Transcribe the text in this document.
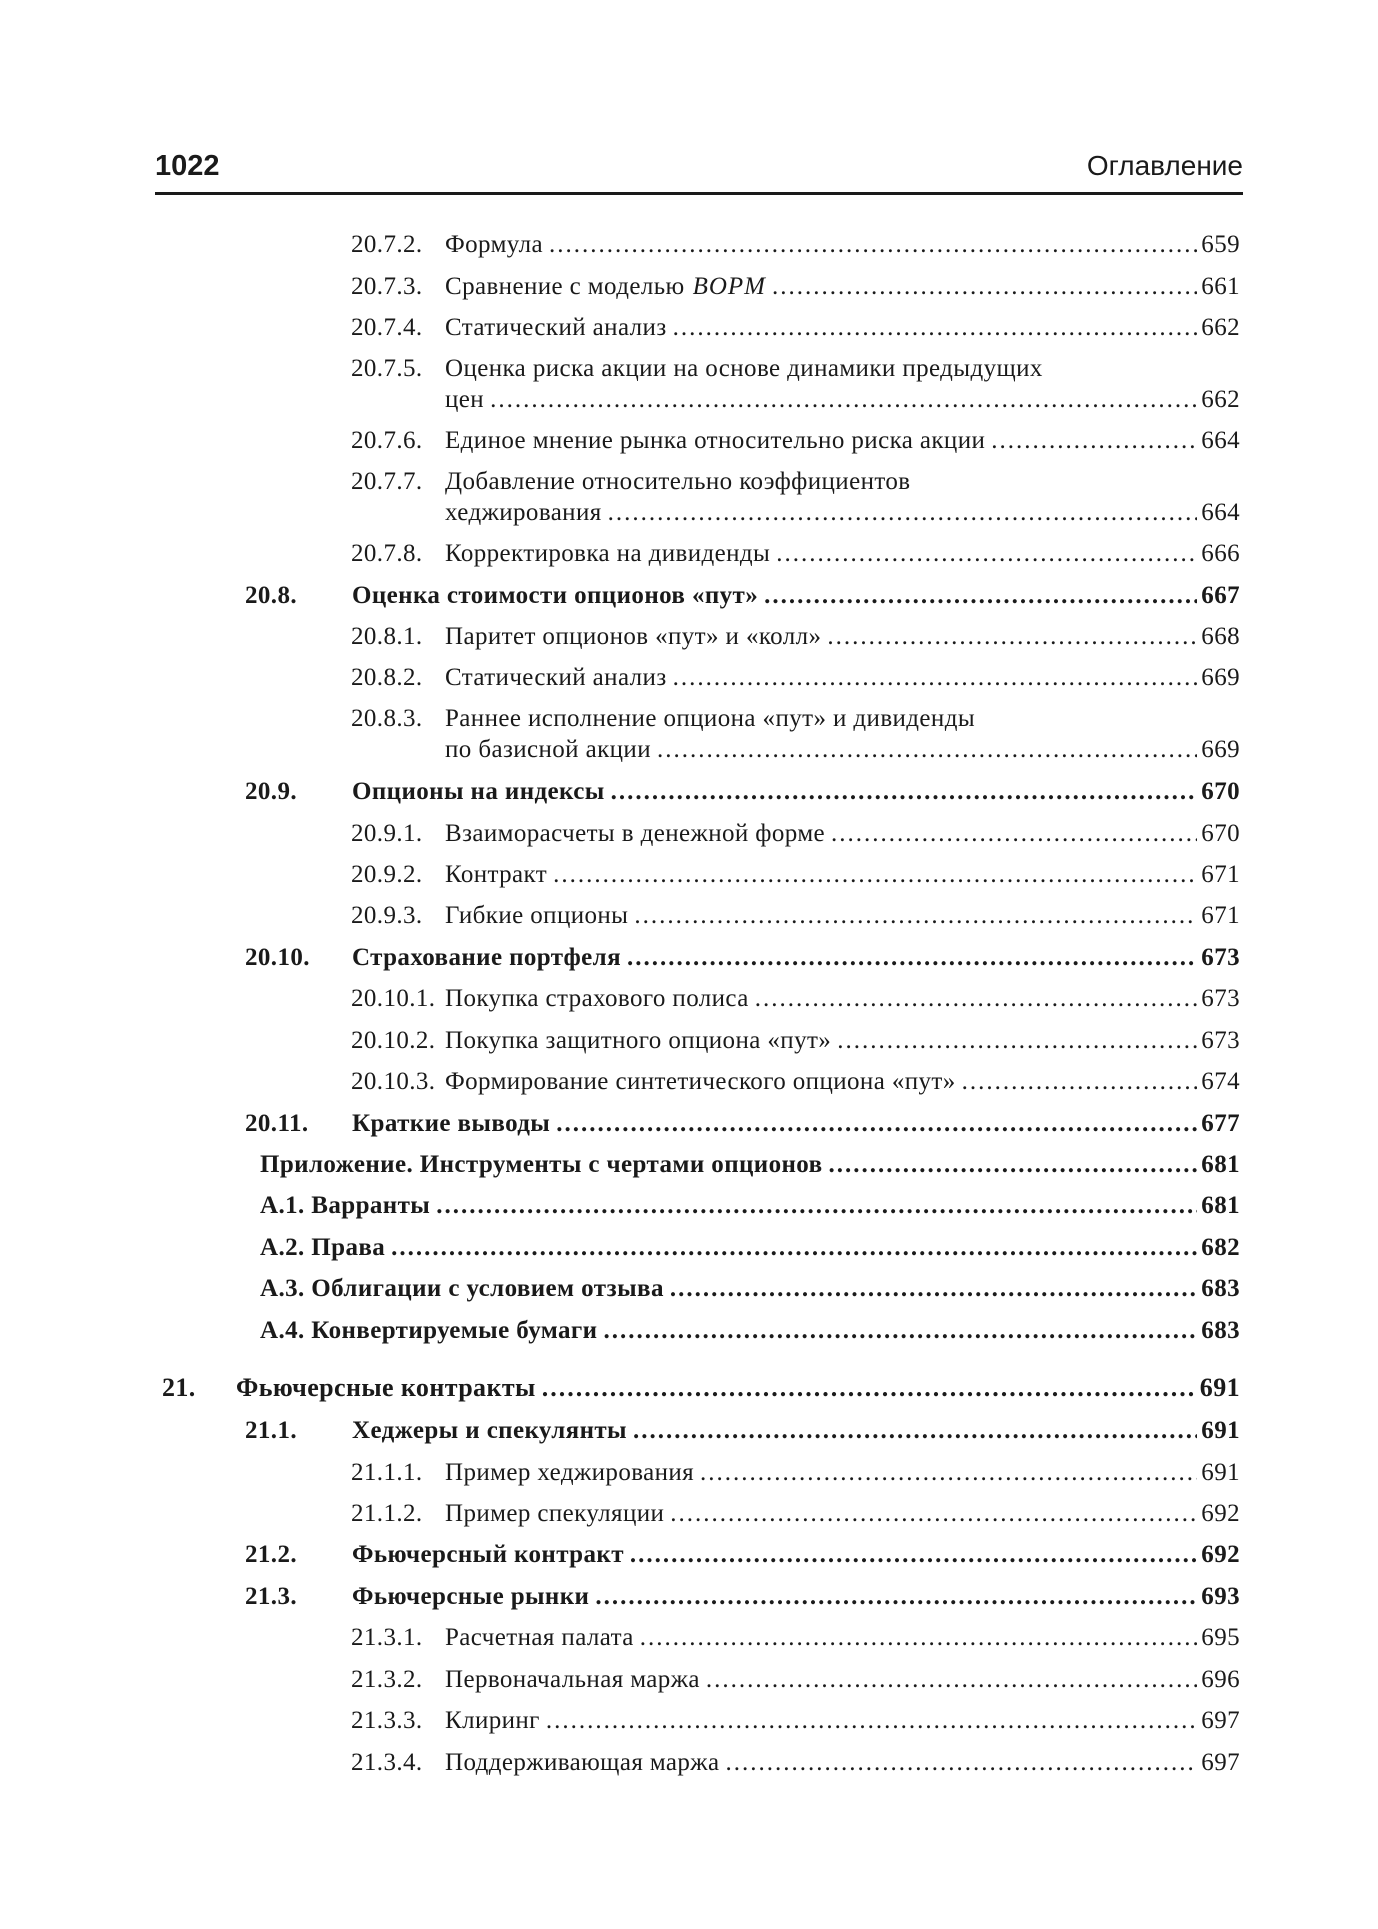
1022	Оглавление
20.7.2. Формула .....	659
20.7.3. Сравнение с моделью BOPM .....	661
20.7.4. Статический анализ .....	662
20.7.5. Оценка риска акции на основе динамики предыдущих
цен .....	662
20.7.6. Единое мнение рынка относительно риска акции .....	664
20.7.7. Добавление относительно коэффициентов
хеджирования .....	664
20.7.8. Корректировка на дивиденды .....	666
20.8. Оценка стоимости опционов «пут» .....	667
20.8.1. Паритет опционов «пут» и «колл» .....	668
20.8.2. Статический анализ .....	669
20.8.3. Раннее исполнение опциона «пут» и дивиденды
по базисной акции .....	669
20.9. Опционы на индексы .....	670
20.9.1. Взаиморасчеты в денежной форме .....	670
20.9.2. Контракт .....	671
20.9.3. Гибкие опционы .....	671
20.10. Страхование портфеля .....	673
20.10.1. Покупка страхового полиса .....	673
20.10.2. Покупка защитного опциона «пут» .....	673
20.10.3. Формирование синтетического опциона «пут» .....	674
20.11. Краткие выводы .....	677
Приложение. Инструменты с чертами опционов .....	681
А.1. Варранты .....	681
А.2. Права .....	682
А.3. Облигации с условием отзыва .....	683
А.4. Конвертируемые бумаги .....	683
21. Фьючерсные контракты .....	691
21.1. Хеджеры и спекулянты .....	691
21.1.1. Пример хеджирования .....	691
21.1.2. Пример спекуляции .....	692
21.2. Фьючерсный контракт .....	692
21.3. Фьючерсные рынки .....	693
21.3.1. Расчетная палата .....	695
21.3.2. Первоначальная маржа .....	696
21.3.3. Клиринг .....	697
21.3.4. Поддерживающая маржа .....	697
